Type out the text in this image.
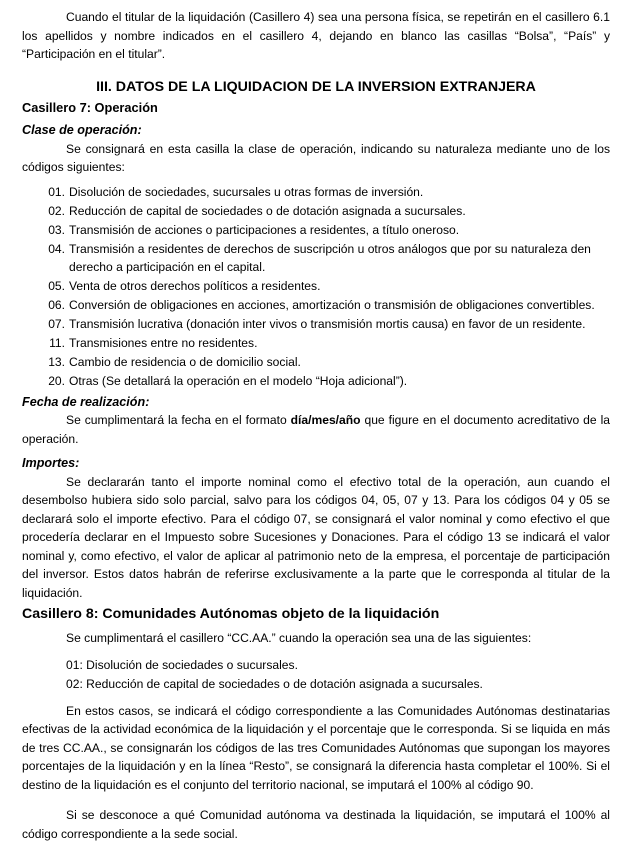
Cuando el titular de la liquidación (Casillero 4) sea una persona física, se repetirán en el casillero 6.1 los apellidos y nombre indicados en el casillero 4, dejando en blanco las casillas “Bolsa”, “País” y “Participación en el titular”.

III. DATOS DE LA LIQUIDACION DE LA INVERSION EXTRANJERA
Casillero 7: Operación
Clase de operación:

Se consignará en esta casilla la clase de operación, indicando su naturaleza mediante uno de los códigos siguientes:

01. Disolución de sociedades, sucursales u otras formas de inversión.
02. Reducción de capital de sociedades o de dotación asignada a sucursales.
03. Transmisión de acciones o participaciones a residentes, a título oneroso.
04. Transmisión a residentes de derechos de suscripción u otros análogos que por su naturaleza den derecho a participación en el capital.
05. Venta de otros derechos políticos a residentes.
06. Conversión de obligaciones en acciones, amortización o transmisión de obligaciones convertibles.
07. Transmisión lucrativa (donación inter vivos o transmisión mortis causa) en favor de un residente.
11. Transmisiones entre no residentes.
13. Cambio de residencia o de domicilio social.
20. Otras (Se detallará la operación en el modelo “Hoja adicional”).
Fecha de realización:

Se cumplimentará la fecha en el formato día/mes/año que figure en el documento acreditativo de la operación.

Importes:

Se declararán tanto el importe nominal como el efectivo total de la operación, aun cuando el desembolso hubiera sido solo parcial, salvo para los códigos 04, 05, 07 y 13. Para los códigos 04 y 05 se declarará solo el importe efectivo. Para el código 07, se consignará el valor nominal y como efectivo el que procedería declarar en el Impuesto sobre Sucesiones y Donaciones. Para el código 13 se indicará el valor nominal y, como efectivo, el valor de aplicar al patrimonio neto de la empresa, el porcentaje de participación del inversor. Estos datos habrán de referirse exclusivamente a la parte que le corresponda al titular de la liquidación.

Casillero 8: Comunidades Autónomas objeto de la liquidación

Se cumplimentará el casillero “CC.AA.” cuando la operación sea una de las siguientes:

01: Disolución de sociedades o sucursales.
02: Reducción de capital de sociedades o de dotación asignada a sucursales.

En estos casos, se indicará el código correspondiente a las Comunidades Autónomas destinatarias efectivas de la actividad económica de la liquidación y el porcentaje que le corresponda. Si se liquida en más de tres CC.AA., se consignarán los códigos de las tres Comunidades Autónomas que supongan los mayores porcentajes de la liquidación y en la línea “Resto”, se consignará la diferencia hasta completar el 100%. Si el destino de la liquidación es el conjunto del territorio nacional, se imputará el 100% al código 90.

Si se desconoce a qué Comunidad autónoma va destinada la liquidación, se imputará el 100% al código correspondiente a la sede social.
